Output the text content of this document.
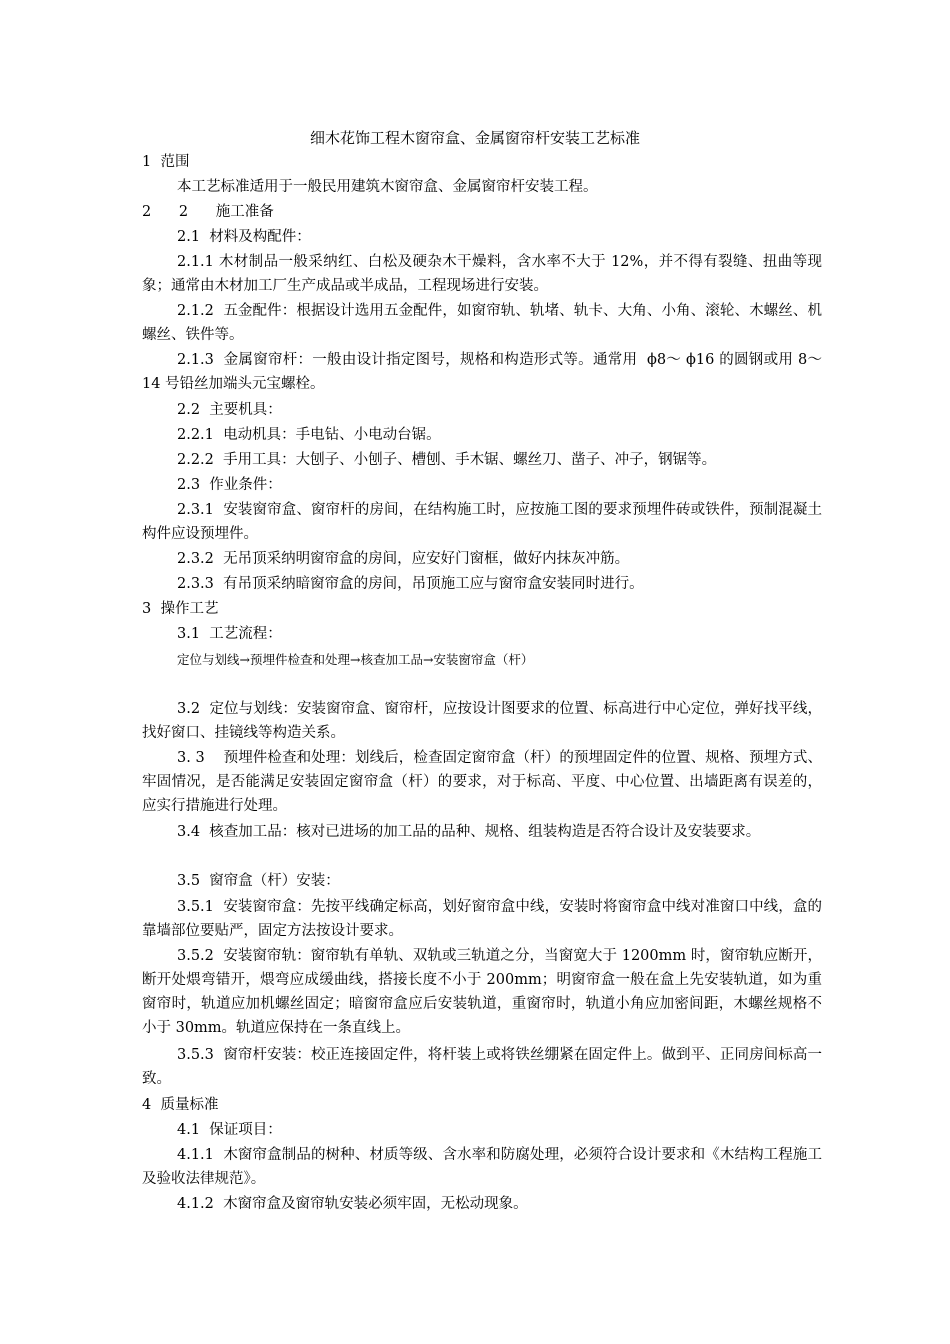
细木花饰工程木窗帘盒、金属窗帘杆安装工艺标准
1  范围
本工艺标准适用于一般民用建筑木窗帘盒、金属窗帘杆安装工程。
2      2      施工准备
2.1  材料及构配件：
2.1.1 木材制品一般采纳红、白松及硬杂木干燥料，含水率不大于 12%，并不得有裂缝、扭曲等现象；通常由木材加工厂生产成品或半成品，工程现场进行安装。
2.1.2  五金配件：根据设计选用五金配件，如窗帘轨、轨堵、轨卡、大角、小角、滚轮、木螺丝、机螺丝、铁件等。
2.1.3  金属窗帘杆：一般由设计指定图号，规格和构造形式等。通常用  ϕ8～ ϕ16 的圆钢或用 8～14 号铅丝加端头元宝螺栓。
2.2  主要机具：
2.2.1  电动机具：手电钻、小电动台锯。
2.2.2  手用工具：大刨子、小刨子、槽刨、手木锯、螺丝刀、凿子、冲子，钢锯等。
2.3  作业条件：
2.3.1  安装窗帘盒、窗帘杆的房间，在结构施工时，应按施工图的要求预埋件砖或铁件，预制混凝土构件应设预埋件。
2.3.2  无吊顶采纳明窗帘盒的房间，应安好门窗框，做好内抹灰冲筋。
2.3.3  有吊顶采纳暗窗帘盒的房间，吊顶施工应与窗帘盒安装同时进行。
3  操作工艺
3.1  工艺流程：
定位与划线→预埋件检查和处理→核查加工品→安装窗帘盒（杆）
3.2  定位与划线：安装窗帘盒、窗帘杆，应按设计图要求的位置、标高进行中心定位，弹好找平线，找好窗口、挂镜线等构造关系。
3. 3    预埋件检查和处理：划线后，检查固定窗帘盒（杆）的预埋固定件的位置、规格、预埋方式、牢固情况，是否能满足安装固定窗帘盒（杆）的要求，对于标高、平度、中心位置、出墙距离有误差的，应实行措施进行处理。
3.4  核查加工品：核对已进场的加工品的品种、规格、组装构造是否符合设计及安装要求。
3.5  窗帘盒（杆）安装：
3.5.1  安装窗帘盒：先按平线确定标高，划好窗帘盒中线，安装时将窗帘盒中线对准窗口中线，盒的靠墙部位要贴严，固定方法按设计要求。
3.5.2  安装窗帘轨：窗帘轨有单轨、双轨或三轨道之分，当窗宽大于 1200mm 时，窗帘轨应断开，断开处煨弯错开，煨弯应成缓曲线，搭接长度不小于 200mm；明窗帘盒一般在盒上先安装轨道，如为重窗帘时，轨道应加机螺丝固定；暗窗帘盒应后安装轨道，重窗帘时，轨道小角应加密间距，木螺丝规格不小于 30mm。轨道应保持在一条直线上。
3.5.3  窗帘杆安装：校正连接固定件，将杆装上或将铁丝绷紧在固定件上。做到平、正同房间标高一致。
4  质量标准
4.1  保证项目：
4.1.1  木窗帘盒制品的树种、材质等级、含水率和防腐处理，必须符合设计要求和《木结构工程施工及验收法律规范》。
4.1.2  木窗帘盒及窗帘轨安装必须牢固，无松动现象。
